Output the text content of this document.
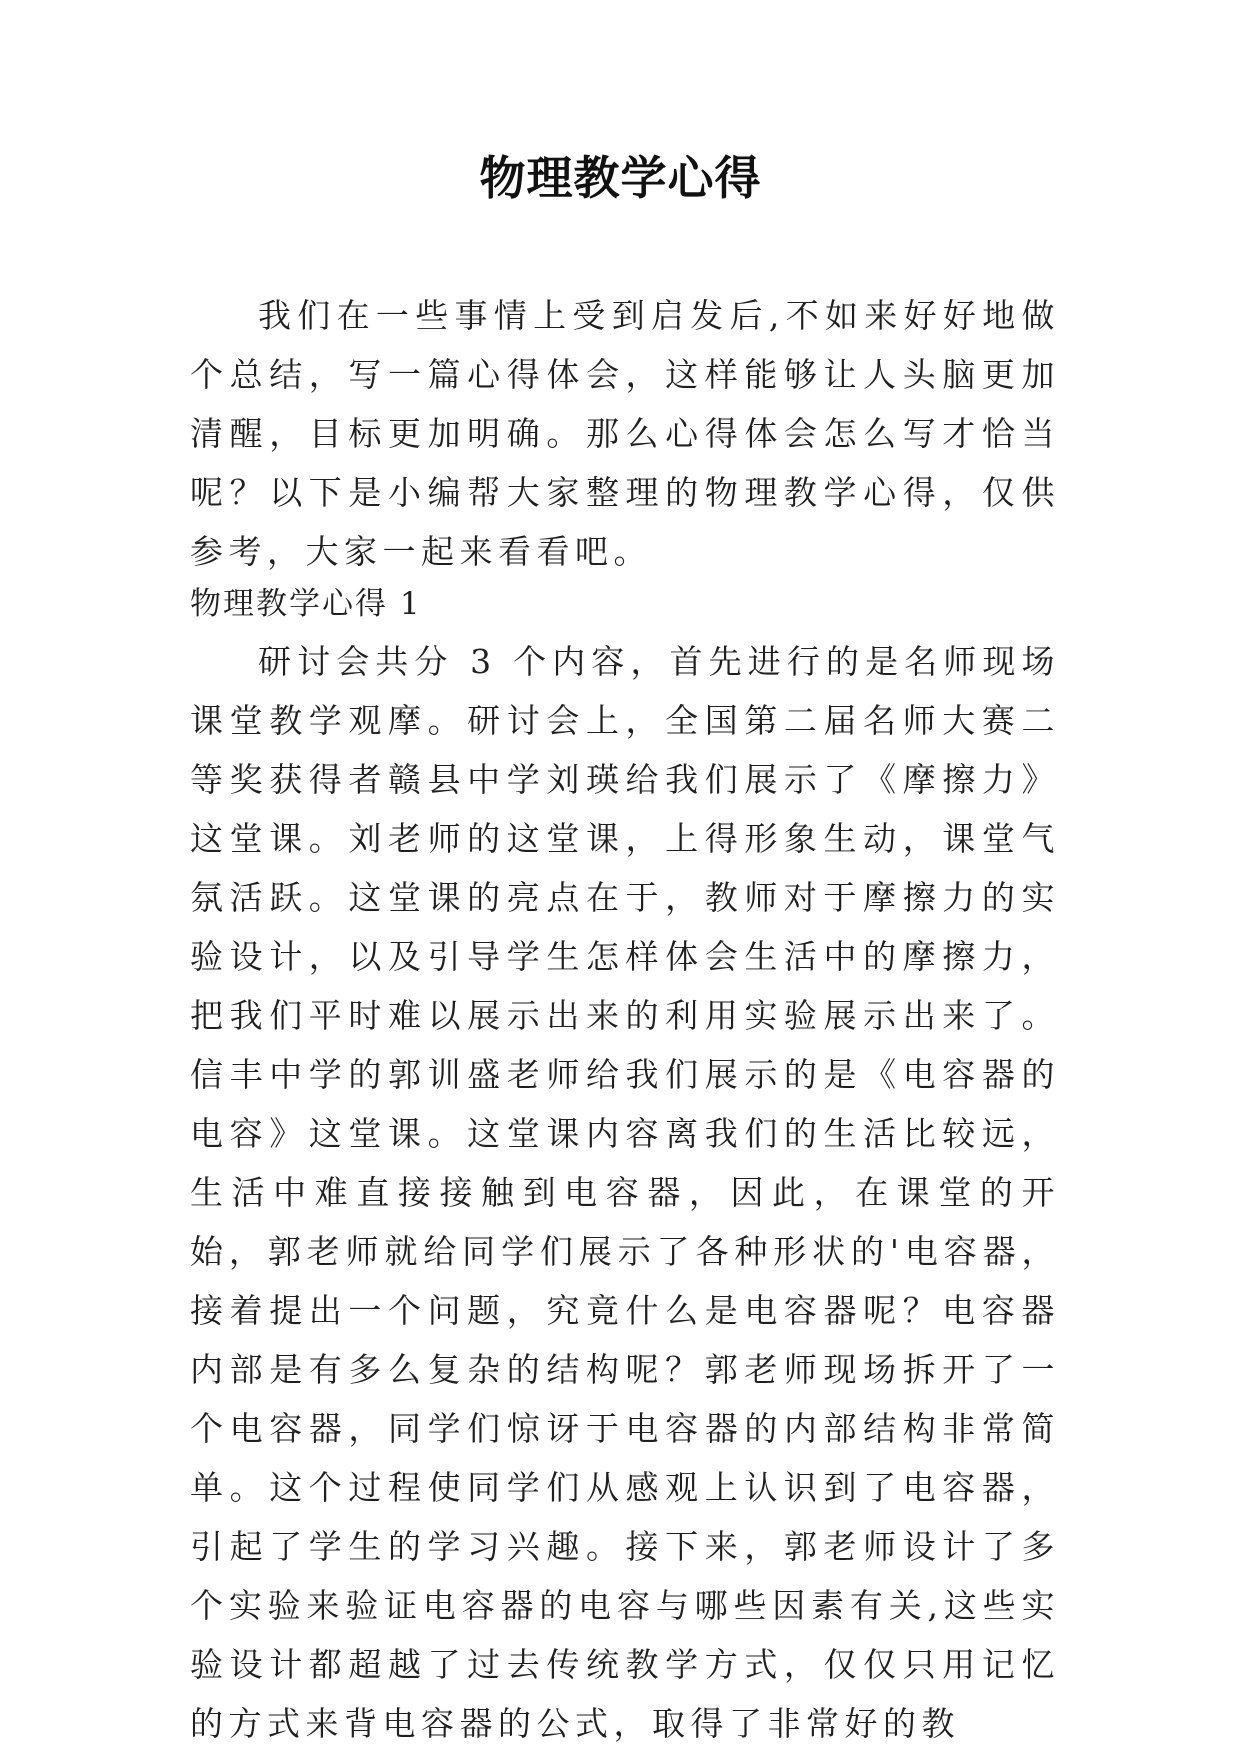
物理教学心得
我们在一些事情上受到启发后,不如来好好地做个总结，写一篇心得体会，这样能够让人头脑更加清醒，目标更加明确。那么心得体会怎么写才恰当呢？以下是小编帮大家整理的物理教学心得，仅供参考，大家一起来看看吧。
物理教学心得 1
研讨会共分 3 个内容，首先进行的是名师现场课堂教学观摩。研讨会上，全国第二届名师大赛二等奖获得者赣县中学刘瑛给我们展示了《摩擦力》这堂课。刘老师的这堂课，上得形象生动，课堂气氛活跃。这堂课的亮点在于，教师对于摩擦力的实验设计，以及引导学生怎样体会生活中的摩擦力，把我们平时难以展示出来的利用实验展示出来了。信丰中学的郭训盛老师给我们展示的是《电容器的电容》这堂课。这堂课内容离我们的生活比较远，生活中难直接接触到电容器，因此，在课堂的开始，郭老师就给同学们展示了各种形状的'电容器，接着提出一个问题，究竟什么是电容器呢？电容器内部是有多么复杂的结构呢？郭老师现场拆开了一个电容器，同学们惊讶于电容器的内部结构非常简单。这个过程使同学们从感观上认识到了电容器，引起了学生的学习兴趣。接下来，郭老师设计了多个实验来验证电容器的电容与哪些因素有关,这些实验设计都超越了过去传统教学方式，仅仅只用记忆的方式来背电容器的公式，取得了非常好的教
